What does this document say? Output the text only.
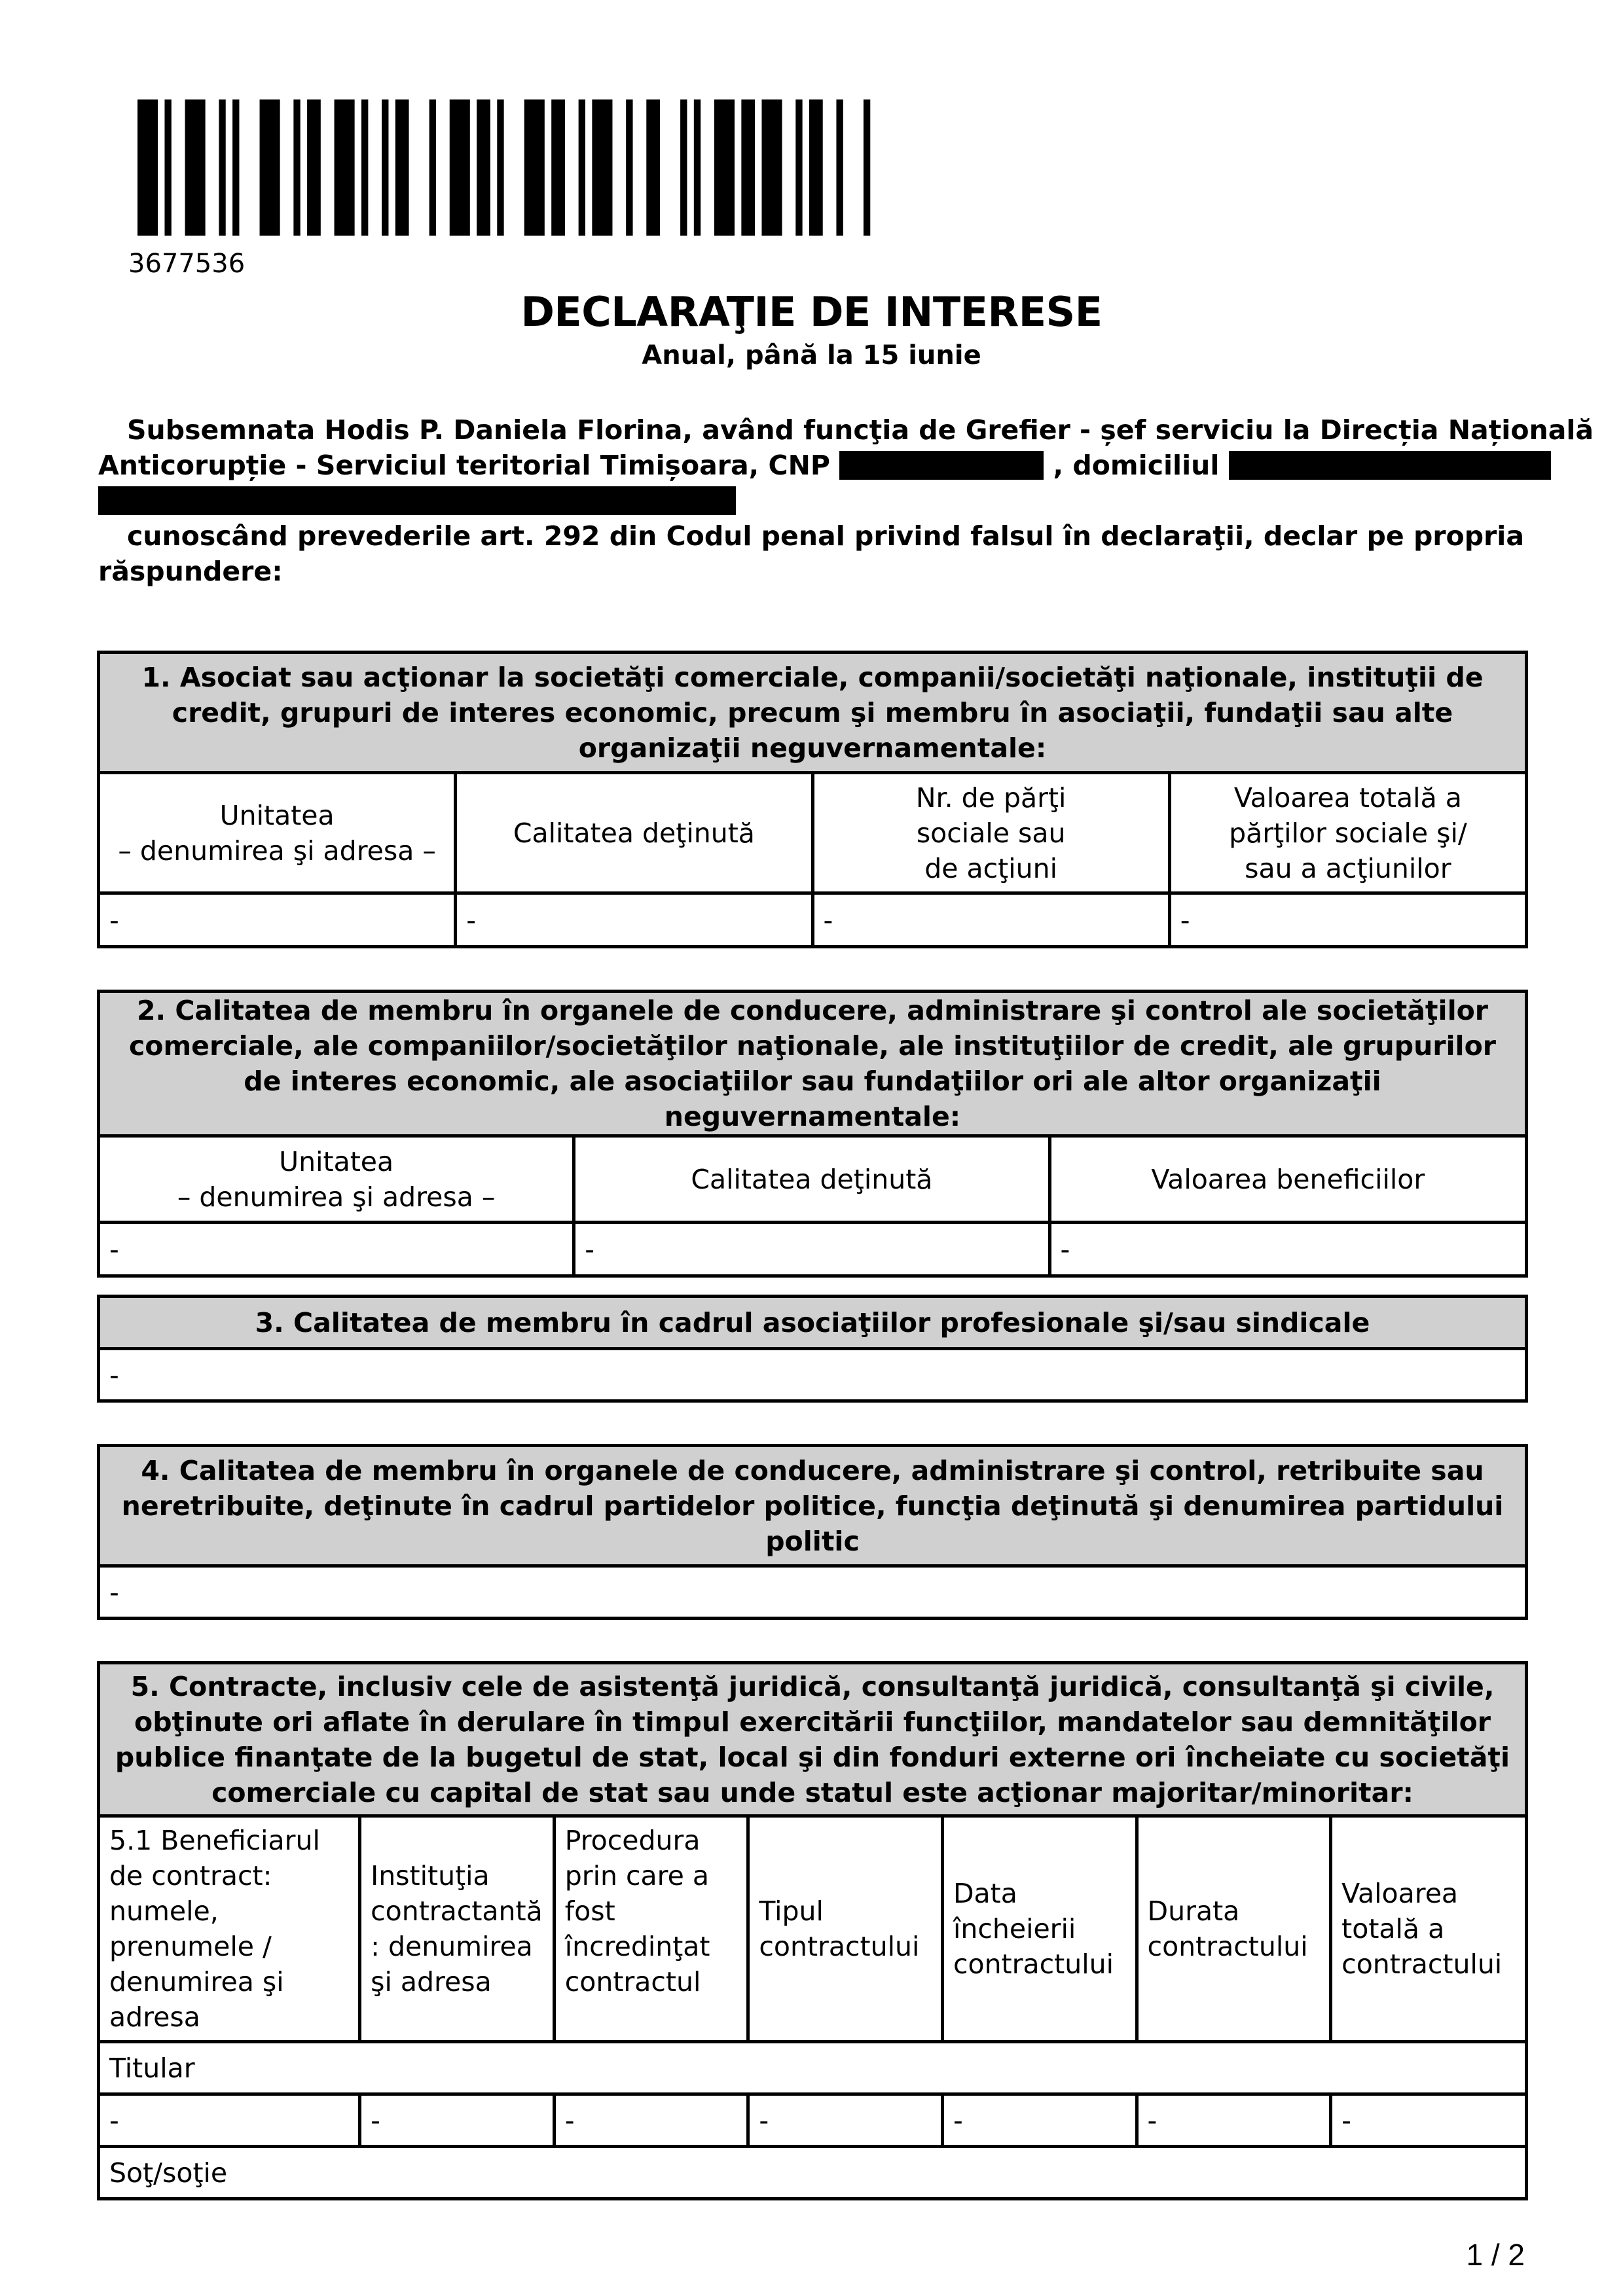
3677536
DECLARAŢIE DE INTERESE
Anual, până la 15 iunie
Subsemnata Hodis P. Daniela Florina, având funcţia de Grefier - șef serviciu la Direcția Națională
Anticorupție - Serviciul teritorial Timișoara, CNP	, domiciliul
cunoscând prevederile art. 292 din Codul penal privind falsul în declaraţii, declar pe propria
răspundere:
1. Asociat sau acţionar la societăţi comerciale, companii/societăţi naţionale, instituţii de credit, grupuri de interes economic, precum şi membru în asociaţii, fundaţii sau alte organizaţii neguvernamentale:			
Unitatea
– denumirea şi adresa –	Calitatea deţinută	Nr. de părţi
sociale sau
de acţiuni	Valoarea totală a
părţilor sociale şi/
sau a acţiunilor
-	-	-	-
2. Calitatea de membru în organele de conducere, administrare şi control ale societăţilor comerciale, ale companiilor/societăţilor naţionale, ale instituţiilor de credit, ale grupurilor de interes economic, ale asociaţiilor sau fundaţiilor ori ale altor organizaţii neguvernamentale:		
Unitatea
– denumirea şi adresa –	Calitatea deţinută	Valoarea beneficiilor
-	-	-
3. Calitatea de membru în cadrul asociaţiilor profesionale şi/sau sindicale
-
4. Calitatea de membru în organele de conducere, administrare şi control, retribuite sau neretribuite, deţinute în cadrul partidelor politice, funcţia deţinută şi denumirea partidului politic
-
5. Contracte, inclusiv cele de asistenţă juridică, consultanţă juridică, consultanţă şi civile, obţinute ori aflate în derulare în timpul exercitării funcţiilor, mandatelor sau demnităţilor publice finanţate de la bugetul de stat, local şi din fonduri externe ori încheiate cu societăţi comerciale cu capital de stat sau unde statul este acţionar majoritar/minoritar:						
5.1 Beneficiarul de contract: numele, prenumele / denumirea şi adresa	Instituţia contractantă : denumirea şi adresa	Procedura prin care a fost încredinţat contractul	Tipul contractului	Data încheierii contractului	Durata contractului	Valoarea totală a contractului
Titular						
-	-	-	-	-	-	-
Soţ/soţie						
1 / 2
